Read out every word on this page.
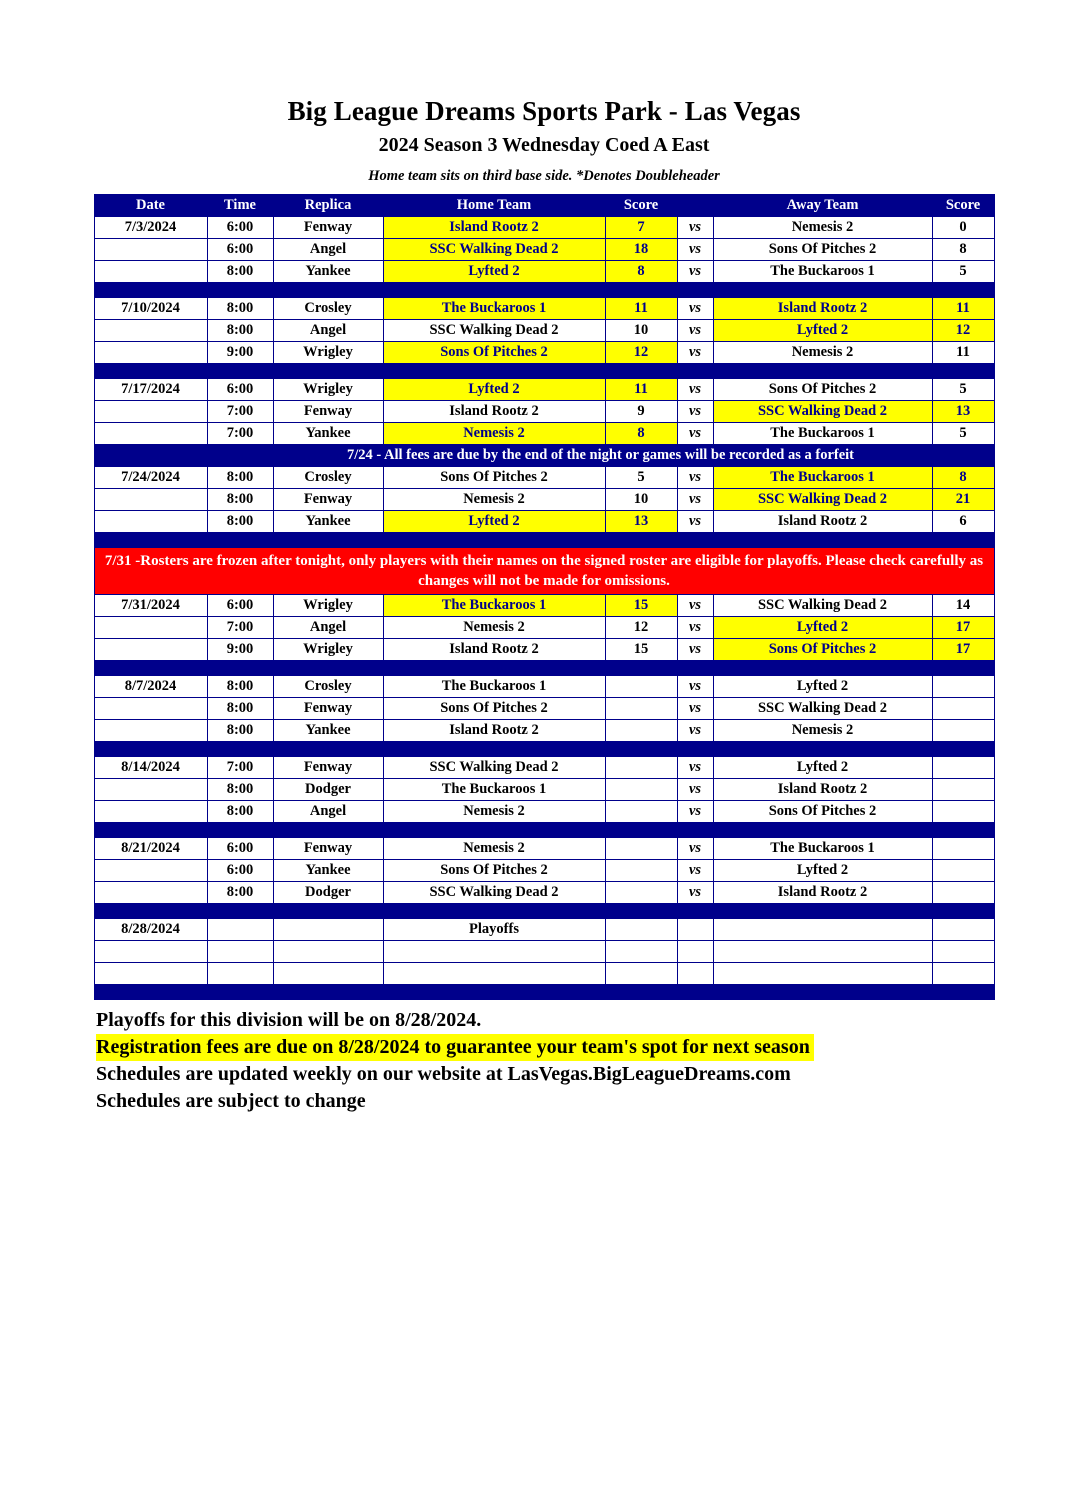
Big League Dreams Sports Park - Las Vegas
2024 Season 3 Wednesday Coed A East
Home team sits on third base side. *Denotes Doubleheader
Date	Time	Replica	Home Team	Score		Away Team	Score
7/3/2024	6:00	Fenway	Island Rootz 2	7	vs	Nemesis 2	0
	6:00	Angel	SSC Walking Dead 2	18	vs	Sons Of Pitches 2	8
	8:00	Yankee	Lyfted 2	8	vs	The Buckaroos 1	5

7/10/2024	8:00	Crosley	The Buckaroos 1	11	vs	Island Rootz 2	11
	8:00	Angel	SSC Walking Dead 2	10	vs	Lyfted 2	12
	9:00	Wrigley	Sons Of Pitches 2	12	vs	Nemesis 2	11

7/17/2024	6:00	Wrigley	Lyfted 2	11	vs	Sons Of Pitches 2	5
	7:00	Fenway	Island Rootz 2	9	vs	SSC Walking Dead 2	13
	7:00	Yankee	Nemesis 2	8	vs	The Buckaroos 1	5
	7/24 - All fees are due by the end of the night or games will be recorded as a forfeit						
7/24/2024	8:00	Crosley	Sons Of Pitches 2	5	vs	The Buckaroos 1	8
	8:00	Fenway	Nemesis 2	10	vs	SSC Walking Dead 2	21
	8:00	Yankee	Lyfted 2	13	vs	Island Rootz 2	6

7/31 -Rosters are frozen after tonight, only players with their names on the signed roster are eligible for playoffs. Please check carefully as changes will not be made for omissions.							
7/31/2024	6:00	Wrigley	The Buckaroos 1	15	vs	SSC Walking Dead 2	14
	7:00	Angel	Nemesis 2	12	vs	Lyfted 2	17
	9:00	Wrigley	Island Rootz 2	15	vs	Sons Of Pitches 2	17

8/7/2024	8:00	Crosley	The Buckaroos 1		vs	Lyfted 2	
	8:00	Fenway	Sons Of Pitches 2		vs	SSC Walking Dead 2	
	8:00	Yankee	Island Rootz 2		vs	Nemesis 2	

8/14/2024	7:00	Fenway	SSC Walking Dead 2		vs	Lyfted 2	
	8:00	Dodger	The Buckaroos 1		vs	Island Rootz 2	
	8:00	Angel	Nemesis 2		vs	Sons Of Pitches 2	

8/21/2024	6:00	Fenway	Nemesis 2		vs	The Buckaroos 1	
	6:00	Yankee	Sons Of Pitches 2		vs	Lyfted 2	
	8:00	Dodger	SSC Walking Dead 2		vs	Island Rootz 2	

8/28/2024			Playoffs				

Playoffs for this division will be on 8/28/2024.
Registration fees are due on 8/28/2024 to guarantee your team's spot for next season
Schedules are updated weekly on our website at LasVegas.BigLeagueDreams.com
Schedules are subject to change
